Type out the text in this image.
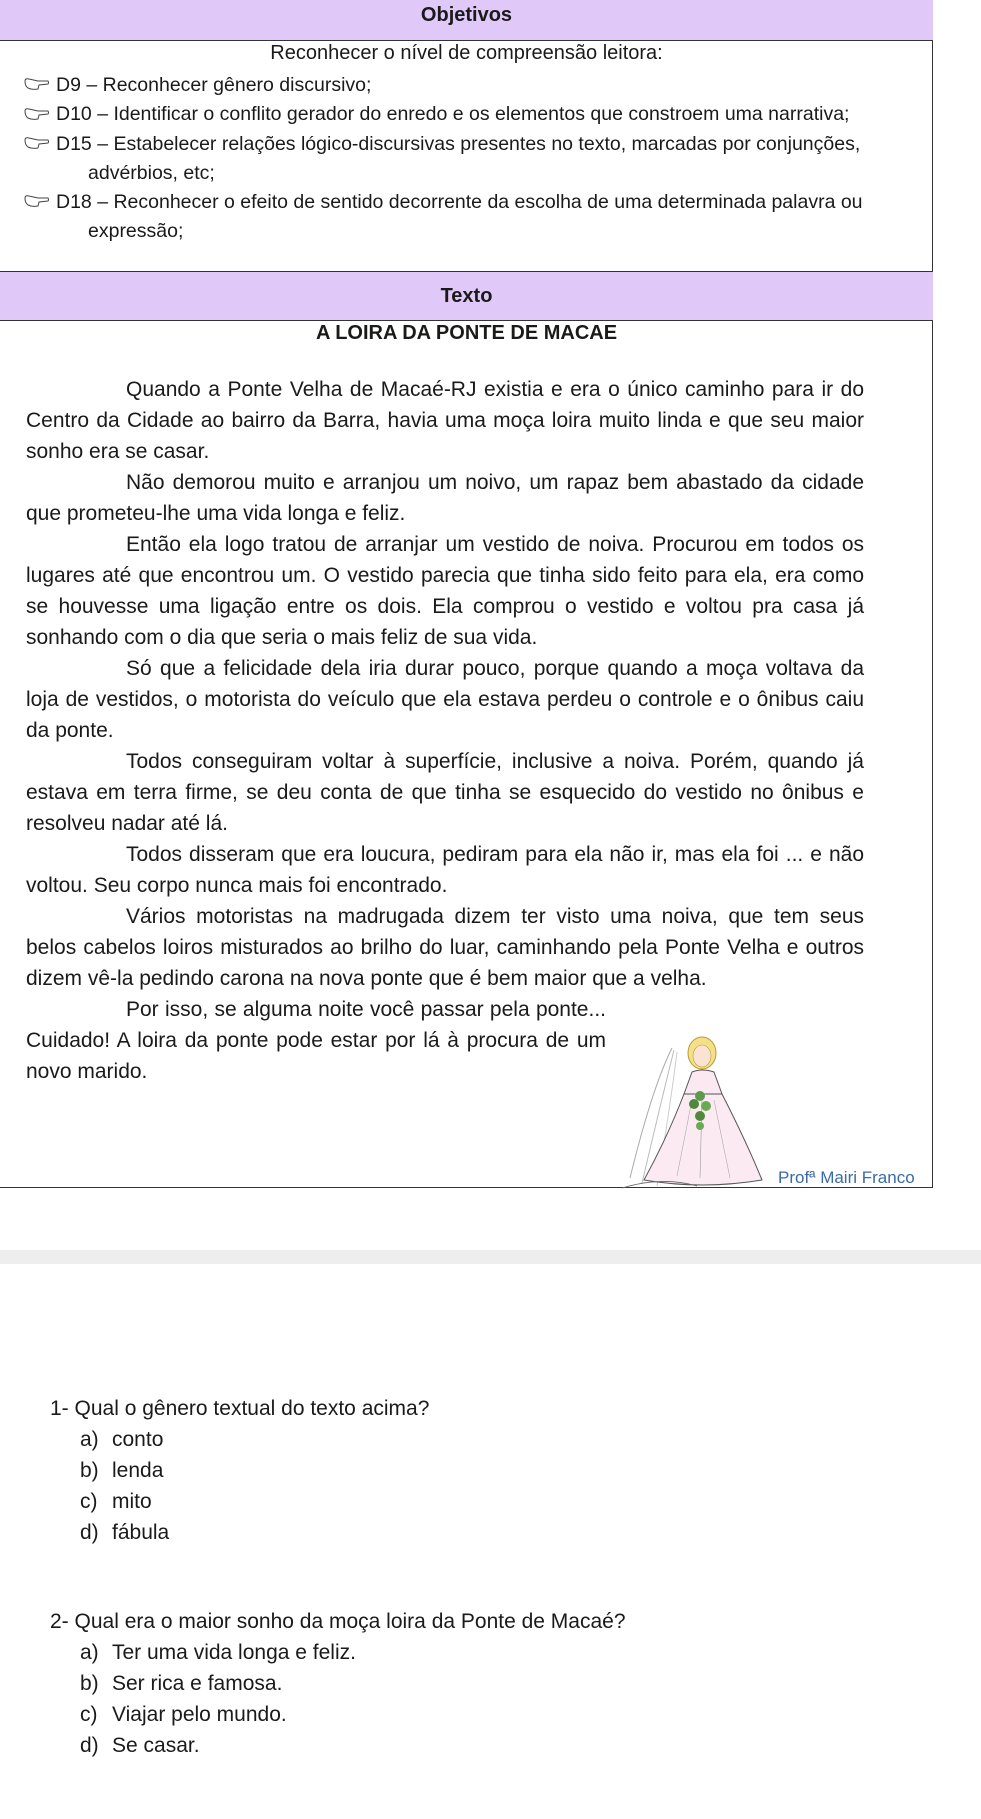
Objetivos
Reconhecer o nível de compreensão leitora:
D9 – Reconhecer gênero discursivo;
D10 – Identificar o conflito gerador do enredo e os elementos que constroem uma narrativa;
D15 – Estabelecer relações lógico-discursivas presentes no texto, marcadas por conjunções, advérbios, etc;
D18 – Reconhecer o efeito de sentido decorrente da escolha de uma determinada palavra ou expressão;
Texto
A LOIRA DA PONTE DE MACAE

Quando a Ponte Velha de Macaé-RJ existia e era o único caminho para ir do Centro da Cidade ao bairro da Barra, havia uma moça loira muito linda e que seu maior sonho era se casar.

Não demorou muito e arranjou um noivo, um rapaz bem abastado da cidade que prometeu-lhe uma vida longa e feliz.

Então ela logo tratou de arranjar um vestido de noiva. Procurou em todos os lugares até que encontrou um. O vestido parecia que tinha sido feito para ela, era como se houvesse uma ligação entre os dois. Ela comprou o vestido e voltou pra casa já sonhando com o dia que seria o mais feliz de sua vida.

Só que a felicidade dela iria durar pouco, porque quando a moça voltava da loja de vestidos, o motorista do veículo que ela estava perdeu o controle e o ônibus caiu da ponte.

Todos conseguiram voltar à superfície, inclusive a noiva. Porém, quando já estava em terra firme, se deu conta de que tinha se esquecido do vestido no ônibus e resolveu nadar até lá.

Todos disseram que era loucura, pediram para ela não ir, mas ela foi ... e não voltou. Seu corpo nunca mais foi encontrado.

Vários motoristas na madrugada dizem ter visto uma noiva, que tem seus belos cabelos loiros misturados ao brilho do luar, caminhando pela Ponte Velha e outros dizem vê-la pedindo carona na nova ponte que é bem maior que a velha.

Por isso, se alguma noite você passar pela ponte... Cuidado! A loira da ponte pode estar por lá à procura de um novo marido.

Profª Mairi Franco
1- Qual o gênero textual do texto acima?
a) conto
b) lenda
c) mito
d) fábula
2- Qual era o maior sonho da moça loira da Ponte de Macaé?
a) Ter uma vida longa e feliz.
b) Ser rica e famosa.
c) Viajar pelo mundo.
d) Se casar.
